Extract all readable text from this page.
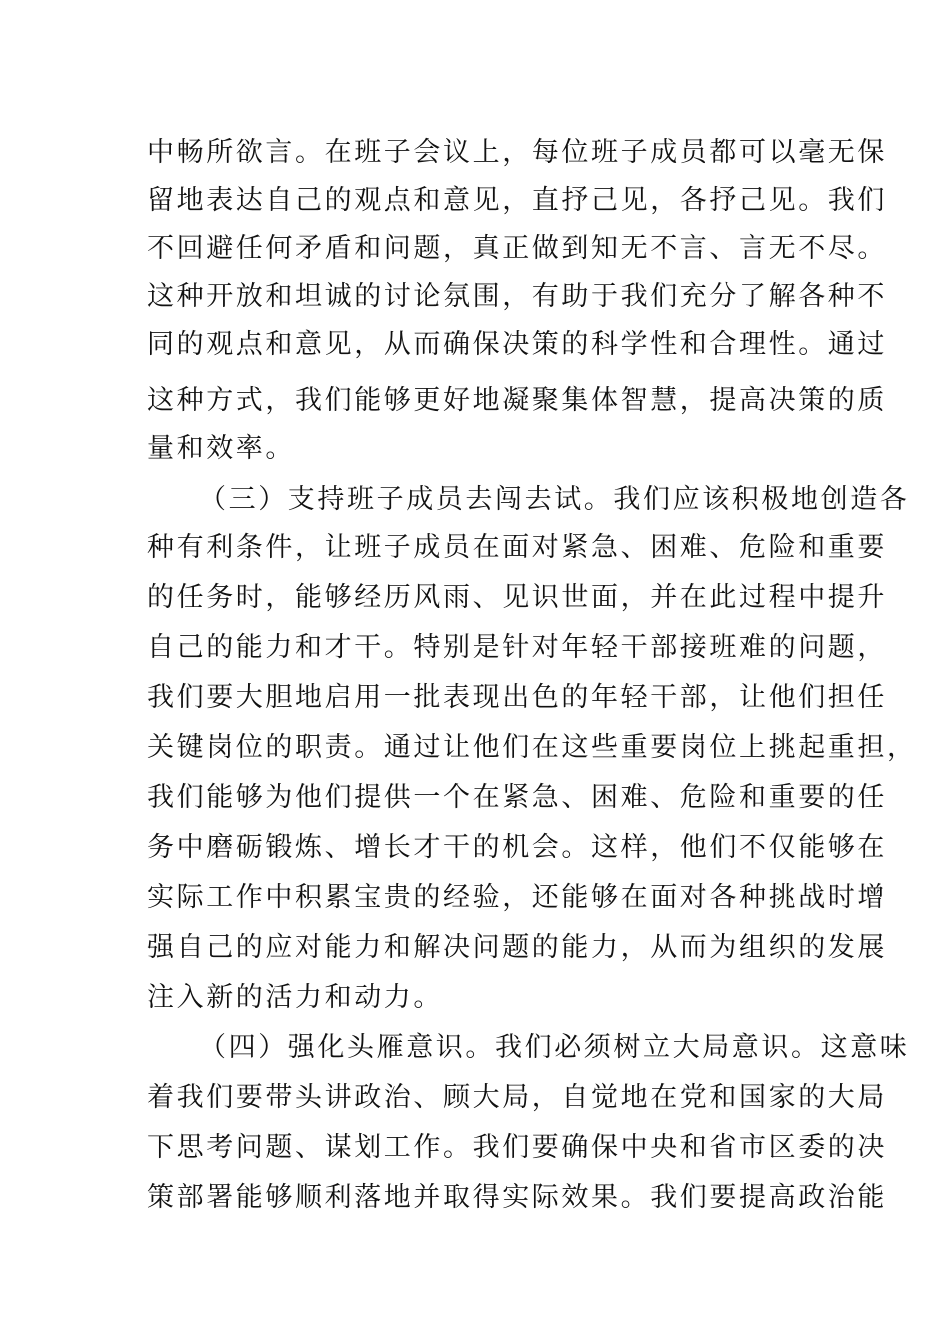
中畅所欲言。在班子会议上，每位班子成员都可以毫无保
留地表达自己的观点和意见，直抒己见，各抒己见。我们
不回避任何矛盾和问题，真正做到知无不言、言无不尽。
这种开放和坦诚的讨论氛围，有助于我们充分了解各种不
同的观点和意见，从而确保决策的科学性和合理性。通过
这种方式，我们能够更好地凝聚集体智慧，提高决策的质
量和效率。
（三）支持班子成员去闯去试。我们应该积极地创造各
种有利条件，让班子成员在面对紧急、困难、危险和重要
的任务时，能够经历风雨、见识世面，并在此过程中提升
自己的能力和才干。特别是针对年轻干部接班难的问题，
我们要大胆地启用一批表现出色的年轻干部，让他们担任
关键岗位的职责。通过让他们在这些重要岗位上挑起重担，
我们能够为他们提供一个在紧急、困难、危险和重要的任
务中磨砺锻炼、增长才干的机会。这样，他们不仅能够在
实际工作中积累宝贵的经验，还能够在面对各种挑战时增
强自己的应对能力和解决问题的能力，从而为组织的发展
注入新的活力和动力。
（四）强化头雁意识。我们必须树立大局意识。这意味
着我们要带头讲政治、顾大局，自觉地在党和国家的大局
下思考问题、谋划工作。我们要确保中央和省市区委的决
策部署能够顺利落地并取得实际效果。我们要提高政治能
